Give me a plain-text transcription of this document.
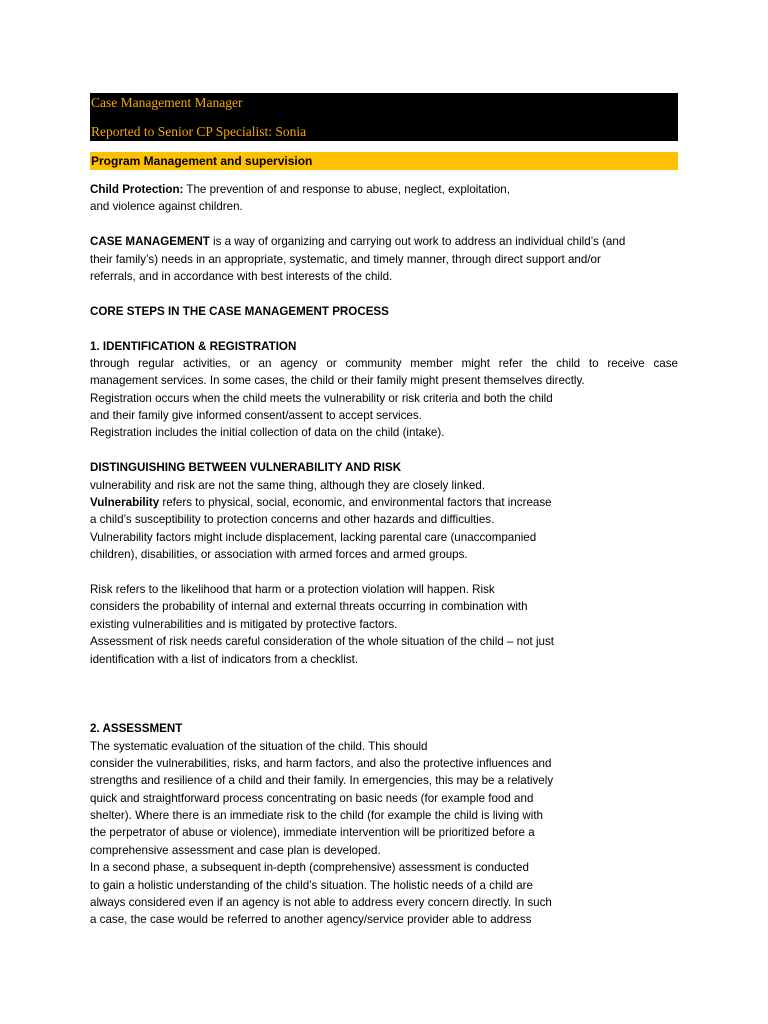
Case Management Manager
Reported to Senior CP Specialist: Sonia
Program Management and supervision
Child Protection: The prevention of and response to abuse, neglect, exploitation,
and violence against children.
CASE MANAGEMENT is a way of organizing and carrying out work to address an individual child’s (and
their family’s) needs in an appropriate, systematic, and timely manner, through direct support and/or
referrals, and in accordance with best interests of the child.
CORE STEPS IN THE CASE MANAGEMENT PROCESS
1. IDENTIFICATION & REGISTRATION
through regular activities, or an agency or community member might refer the child to receive case
management services. In some cases, the child or their family might present themselves directly.
Registration occurs when the child meets the vulnerability or risk criteria and both the child
and their family give informed consent/assent to accept services.
Registration includes the initial collection of data on the child (intake).
DISTINGUISHING BETWEEN VULNERABILITY AND RISK
vulnerability and risk are not the same thing, although they are closely linked.
Vulnerability refers to physical, social, economic, and environmental factors that increase
a child’s susceptibility to protection concerns and other hazards and difficulties.
Vulnerability factors might include displacement, lacking parental care (unaccompanied
children), disabilities, or association with armed forces and armed groups.
Risk refers to the likelihood that harm or a protection violation will happen. Risk
considers the probability of internal and external threats occurring in combination with
existing vulnerabilities and is mitigated by protective factors.
Assessment of risk needs careful consideration of the whole situation of the child – not just
identification with a list of indicators from a checklist.
2. ASSESSMENT
The systematic evaluation of the situation of the child. This should
consider the vulnerabilities, risks, and harm factors, and also the protective influences and
strengths and resilience of a child and their family. In emergencies, this may be a relatively
quick and straightforward process concentrating on basic needs (for example food and
shelter). Where there is an immediate risk to the child (for example the child is living with
the perpetrator of abuse or violence), immediate intervention will be prioritized before a
comprehensive assessment and case plan is developed.
In a second phase, a subsequent in-depth (comprehensive) assessment is conducted
to gain a holistic understanding of the child’s situation. The holistic needs of a child are
always considered even if an agency is not able to address every concern directly. In such
a case, the case would be referred to another agency/service provider able to address
